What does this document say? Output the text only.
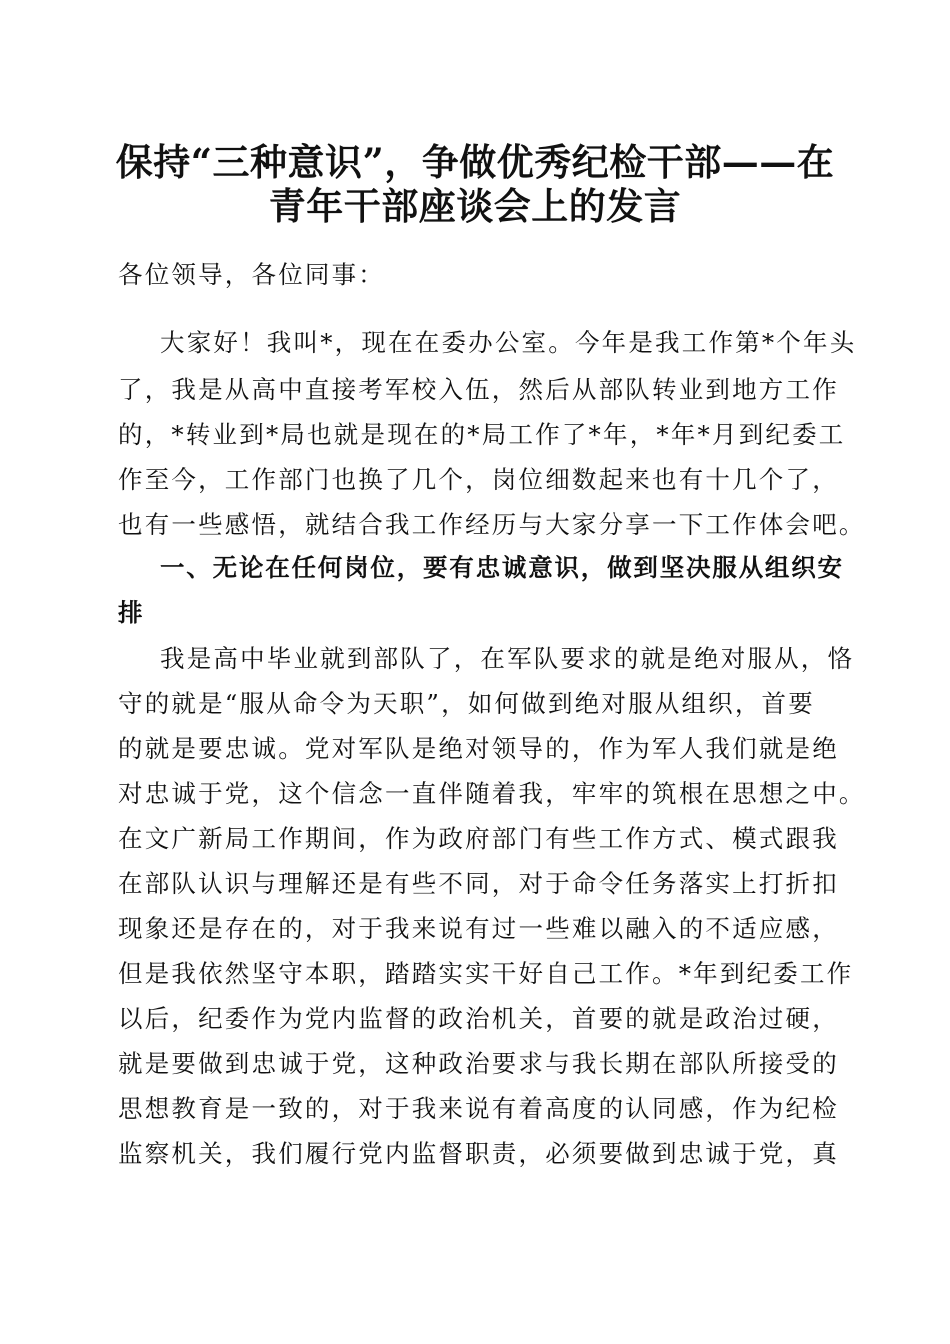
保持“三种意识”，争做优秀纪检干部——在
青年干部座谈会上的发言
各位领导，各位同事：
大家好！我叫*，现在在委办公室。今年是我工作第*个年头
了，我是从高中直接考军校入伍，然后从部队转业到地方工作
的，*转业到*局也就是现在的*局工作了*年，*年*月到纪委工
作至今，工作部门也换了几个，岗位细数起来也有十几个了，
也有一些感悟，就结合我工作经历与大家分享一下工作体会吧。
一、无论在任何岗位，要有忠诚意识，做到坚决服从组织安
排
我是高中毕业就到部队了，在军队要求的就是绝对服从，恪
守的就是“服从命令为天职”，如何做到绝对服从组织，首要
的就是要忠诚。党对军队是绝对领导的，作为军人我们就是绝
对忠诚于党，这个信念一直伴随着我，牢牢的筑根在思想之中。
在文广新局工作期间，作为政府部门有些工作方式、模式跟我
在部队认识与理解还是有些不同，对于命令任务落实上打折扣
现象还是存在的，对于我来说有过一些难以融入的不适应感，
但是我依然坚守本职，踏踏实实干好自己工作。*年到纪委工作
以后，纪委作为党内监督的政治机关，首要的就是政治过硬，
就是要做到忠诚于党，这种政治要求与我长期在部队所接受的
思想教育是一致的，对于我来说有着高度的认同感，作为纪检
监察机关，我们履行党内监督职责，必须要做到忠诚于党，真
